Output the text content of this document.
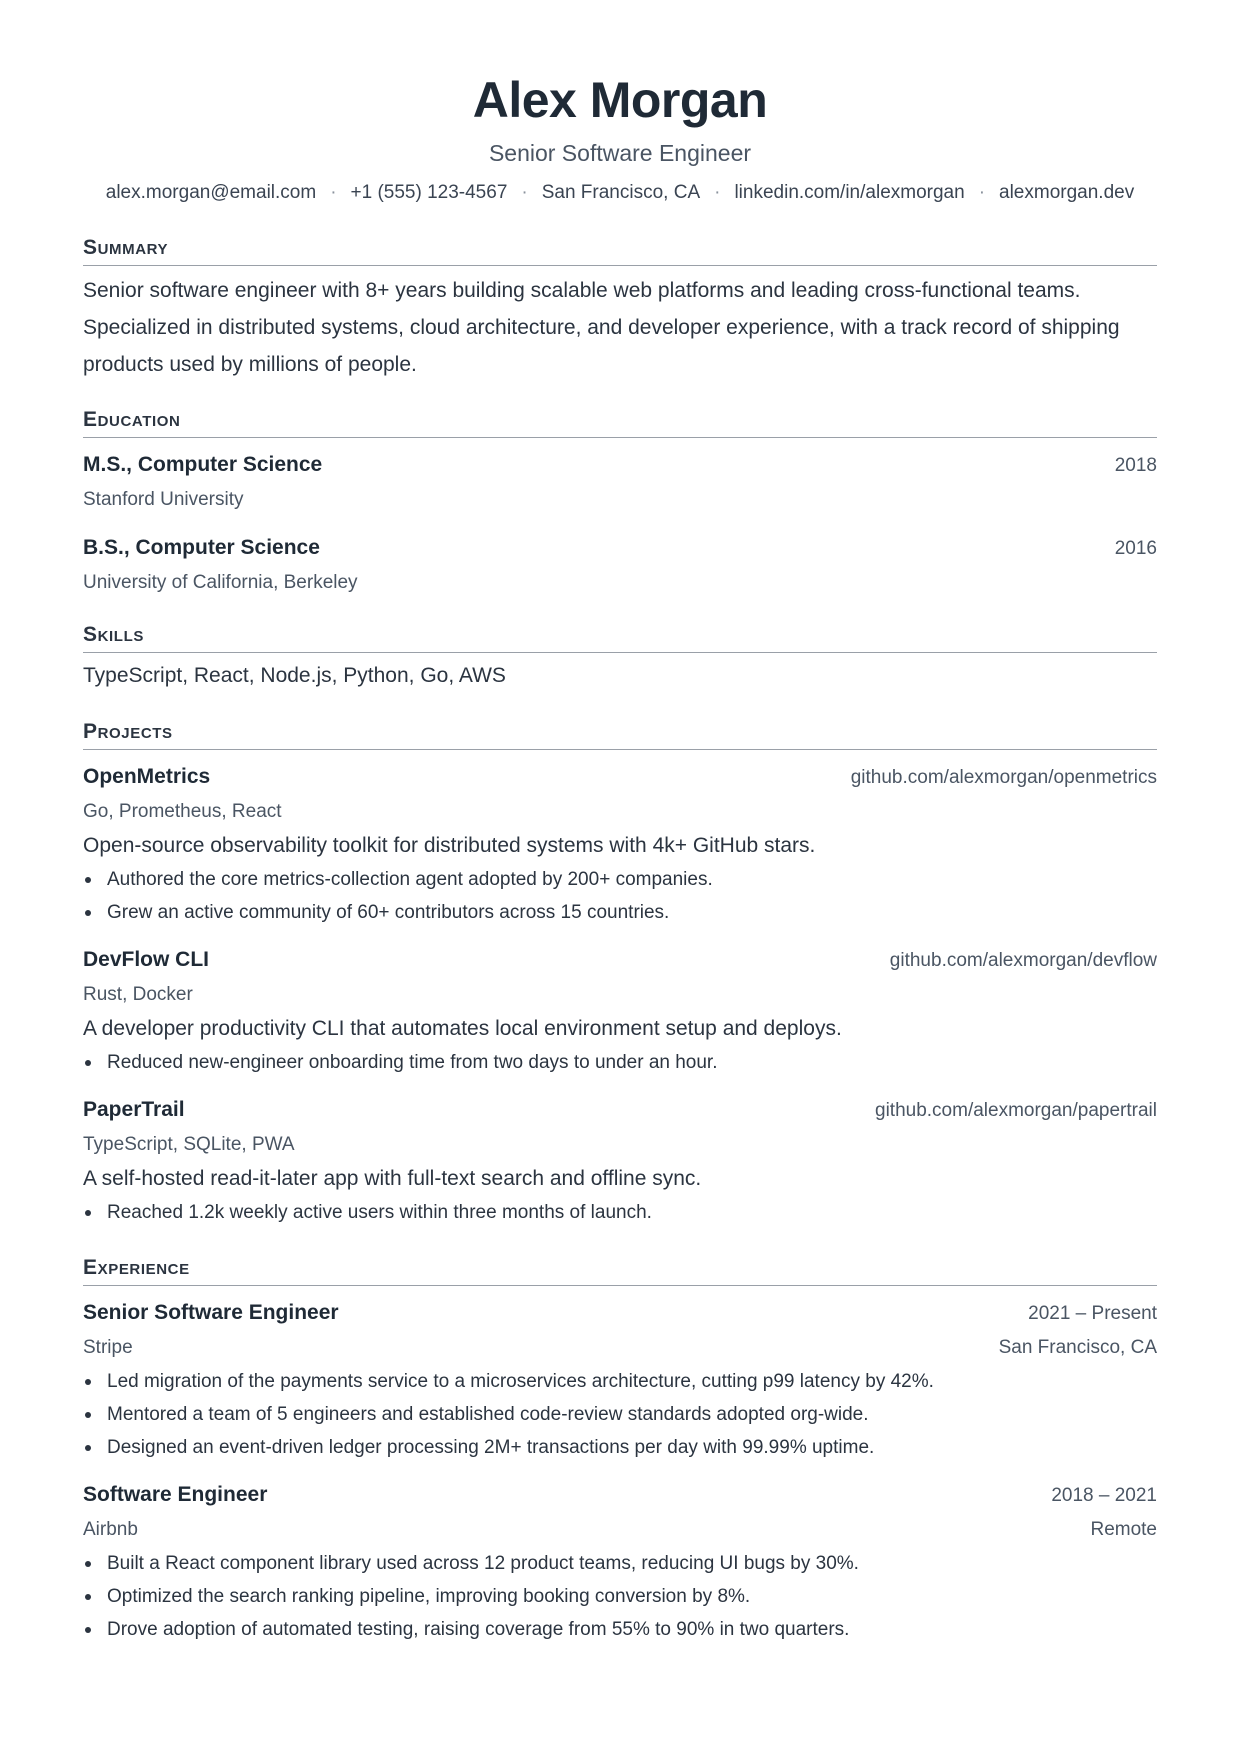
Alex Morgan
Senior Software Engineer
alex.morgan@email.com · +1 (555) 123-4567 · San Francisco, CA · linkedin.com/in/alexmorgan · alexmorgan.dev
Summary
Senior software engineer with 8+ years building scalable web platforms and leading cross-functional teams. Specialized in distributed systems, cloud architecture, and developer experience, with a track record of shipping products used by millions of people.
Education
M.S., Computer Science	2018
Stanford University
B.S., Computer Science	2016
University of California, Berkeley
Skills
TypeScript, React, Node.js, Python, Go, AWS
Projects
OpenMetrics	github.com/alexmorgan/openmetrics
Go, Prometheus, React
Open-source observability toolkit for distributed systems with 4k+ GitHub stars.
Authored the core metrics-collection agent adopted by 200+ companies.
Grew an active community of 60+ contributors across 15 countries.
DevFlow CLI	github.com/alexmorgan/devflow
Rust, Docker
A developer productivity CLI that automates local environment setup and deploys.
Reduced new-engineer onboarding time from two days to under an hour.
PaperTrail	github.com/alexmorgan/papertrail
TypeScript, SQLite, PWA
A self-hosted read-it-later app with full-text search and offline sync.
Reached 1.2k weekly active users within three months of launch.
Experience
Senior Software Engineer	2021 – Present
Stripe	San Francisco, CA
Led migration of the payments service to a microservices architecture, cutting p99 latency by 42%.
Mentored a team of 5 engineers and established code-review standards adopted org-wide.
Designed an event-driven ledger processing 2M+ transactions per day with 99.99% uptime.
Software Engineer	2018 – 2021
Airbnb	Remote
Built a React component library used across 12 product teams, reducing UI bugs by 30%.
Optimized the search ranking pipeline, improving booking conversion by 8%.
Drove adoption of automated testing, raising coverage from 55% to 90% in two quarters.
